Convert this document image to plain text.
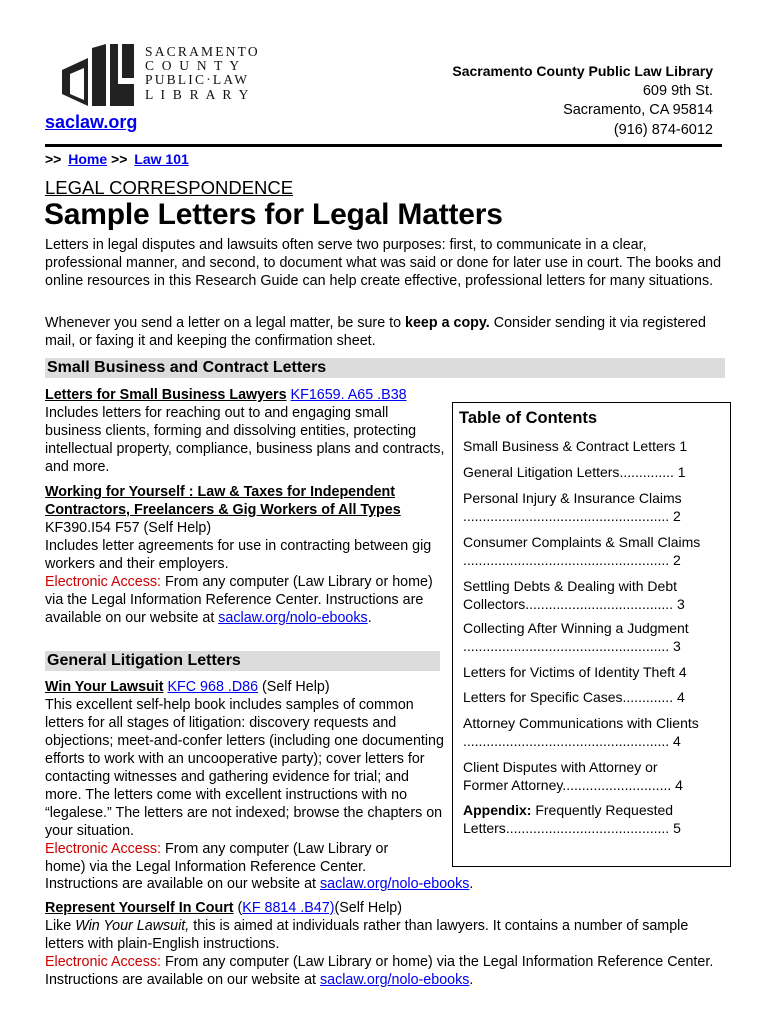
SACRAMENTO
C O U N T Y
PUBLIC·LAW
L I B R A R Y
saclaw.org
Sacramento County Public Law Library
609 9th St.
Sacramento, CA 95814
(916) 874-6012
>> Home >> Law 101
LEGAL CORRESPONDENCE
Sample Letters for Legal Matters
Letters in legal disputes and lawsuits often serve two purposes: first, to communicate in a clear, professional manner, and second, to document what was said or done for later use in court. The books and online resources in this Research Guide can help create effective, professional letters for many situations.
Whenever you send a letter on a legal matter, be sure to keep a copy. Consider sending it via registered mail, or faxing it and keeping the confirmation sheet.
Small Business and Contract Letters
Letters for Small Business Lawyers KF1659. A65 .B38
Includes letters for reaching out to and engaging small business clients, forming and dissolving entities, protecting intellectual property, compliance, business plans and contracts, and more.
Working for Yourself : Law & Taxes for Independent Contractors, Freelancers & Gig Workers of All Types
KF390.I54 F57 (Self Help)
Includes letter agreements for use in contracting between gig workers and their employers.
Electronic Access: From any computer (Law Library or home) via the Legal Information Reference Center. Instructions are available on our website at saclaw.org/nolo-ebooks.
General Litigation Letters
Win Your Lawsuit KFC 968 .D86 (Self Help)
This excellent self-help book includes samples of common letters for all stages of litigation: discovery requests and objections; meet-and-confer letters (including one documenting efforts to work with an uncooperative party); cover letters for contacting witnesses and gathering evidence for trial; and more. The letters come with excellent instructions with no “legalese.” The letters are not indexed; browse the chapters on your situation.
Electronic Access: From any computer (Law Library or
home) via the Legal Information Reference Center.
Instructions are available on our website at saclaw.org/nolo-ebooks.
Represent Yourself In Court (KF 8814 .B47)(Self Help)
Like Win Your Lawsuit, this is aimed at individuals rather than lawyers. It contains a number of sample letters with plain-English instructions.
Electronic Access: From any computer (Law Library or home) via the Legal Information Reference Center. Instructions are available on our website at saclaw.org/nolo-ebooks.
Table of Contents
Small Business & Contract Letters 1
General Litigation Letters.............. 1
Personal Injury & Insurance Claims
..................................................... 2
Consumer Complaints & Small Claims
..................................................... 2
Settling Debts & Dealing with Debt
Collectors...................................... 3
Collecting After Winning a Judgment
..................................................... 3
Letters for Victims of Identity Theft 4
Letters for Specific Cases............. 4
Attorney Communications with Clients
..................................................... 4
Client Disputes with Attorney or
Former Attorney............................ 4
Appendix: Frequently Requested
Letters.......................................... 5
